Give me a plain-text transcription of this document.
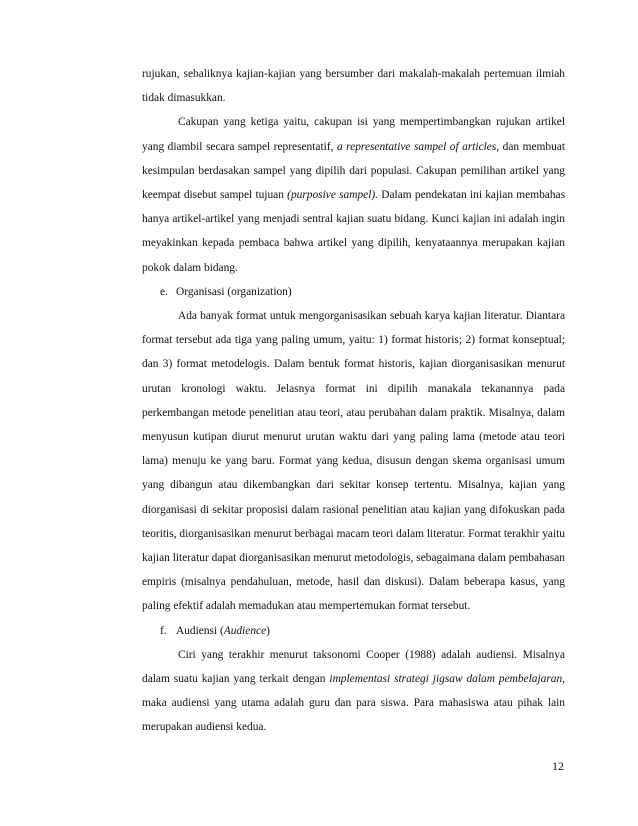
rujukan, sebaliknya kajian-kajian yang bersumber dari makalah-makalah pertemuan ilmiah tidak dimasukkan.

Cakupan yang ketiga yaitu, cakupan isi yang mempertimbangkan rujukan artikel yang diambil secara sampel representatif, a representative sampel of articles, dan membuat kesimpulan berdasakan sampel yang dipilih dari populasi. Cakupan pemilihan artikel yang keempat disebut sampel tujuan (purposive sampel). Dalam pendekatan ini kajian membahas hanya artikel-artikel yang menjadi sentral kajian suatu bidang. Kunci kajian ini adalah ingin meyakinkan kepada pembaca bahwa artikel yang dipilih, kenyataannya merupakan kajian pokok dalam bidang.

e. Organisasi (organization)

Ada banyak format untuk mengorganisasikan sebuah karya kajian literatur. Diantara format tersebut ada tiga yang paling umum, yaitu: 1) format historis; 2) format konseptual; dan 3) format metodelogis. Dalam bentuk format historis, kajian diorganisasikan menurut urutan kronologi waktu. Jelasnya format ini dipilih manakala tekanannya pada perkembangan metode penelitian atau teori, atau perubahan dalam praktik. Misalnya, dalam menyusun kutipan diurut menurut urutan waktu dari yang paling lama (metode atau teori lama) menuju ke yang baru. Format yang kedua, disusun dengan skema organisasi umum yang dibangun atau dikembangkan dari sekitar konsep tertentu. Misalnya, kajian yang diorganisasi di sekitar proposisi dalam rasional penelitian atau kajian yang difokuskan pada teoritis, diorganisasikan menurut berbagai macam teori dalam literatur. Format terakhir yaitu kajian literatur dapat diorganisasikan menurut metodologis, sebagaimana dalam pembahasan empiris (misalnya pendahuluan, metode, hasil dan diskusi). Dalam beberapa kasus, yang paling efektif adalah memadukan atau mempertemukan format tersebut.

f. Audiensi (Audience)

Ciri yang terakhir menurut taksonomi Cooper (1988) adalah audiensi. Misalnya dalam suatu kajian yang terkait dengan implementasi strategi jigsaw dalam pembelajaran, maka audiensi yang utama adalah guru dan para siswa. Para mahasiswa atau pihak lain merupakan audiensi kedua.

12
